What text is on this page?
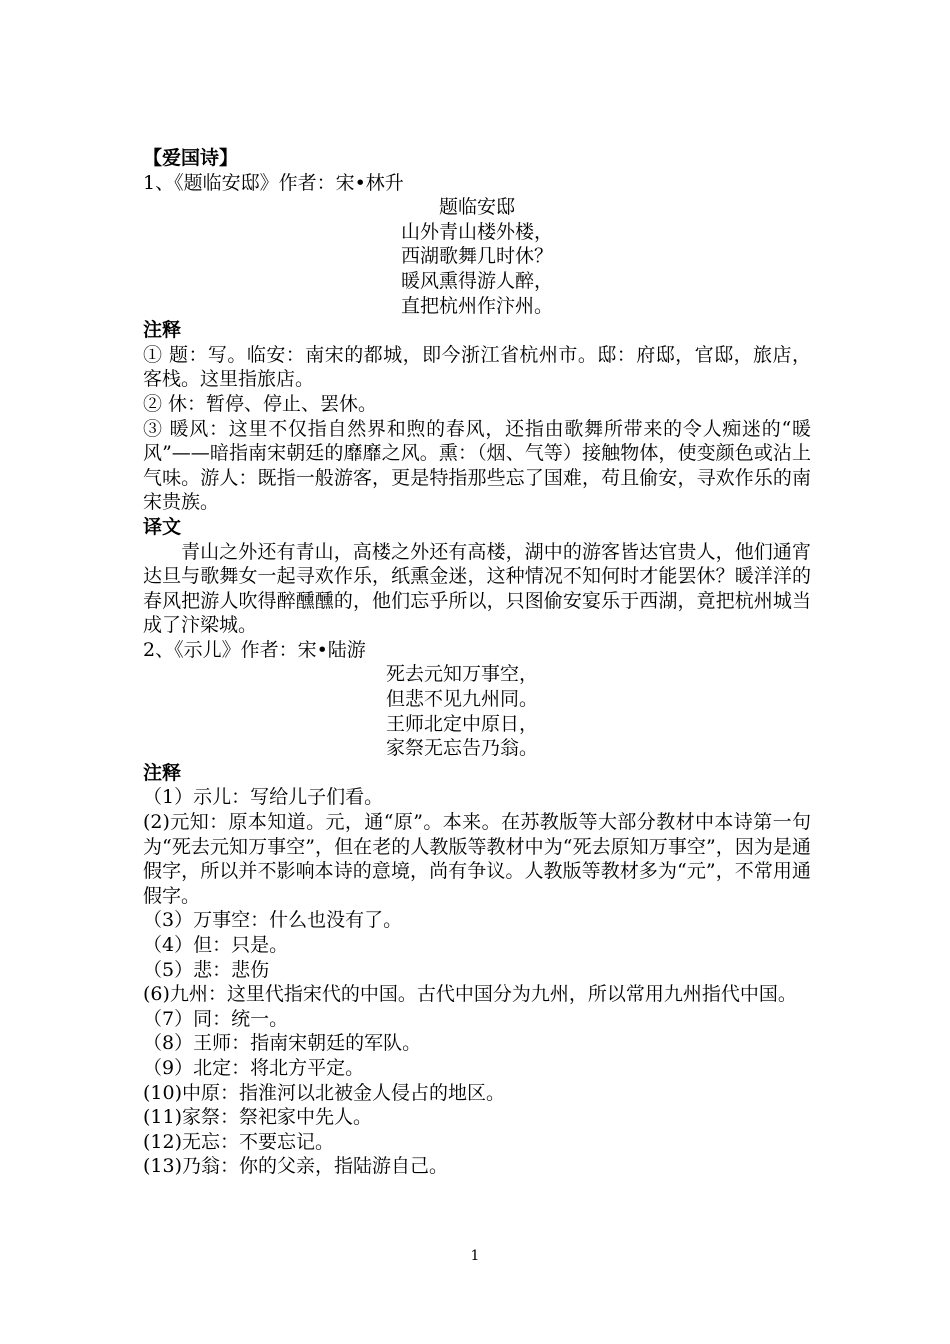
【爱国诗】
1、《题临安邸》作者：宋•林升
题临安邸
山外青山楼外楼，
西湖歌舞几时休？
暖风熏得游人醉，
直把杭州作汴州。
注释
① 题：写。临安：南宋的都城，即今浙江省杭州市。邸：府邸，官邸，旅店，客栈。这里指旅店。
② 休：暂停、停止、罢休。
③ 暖风：这里不仅指自然界和煦的春风，还指由歌舞所带来的令人痴迷的“暖风”——暗指南宋朝廷的靡靡之风。熏：（烟、气等）接触物体，使变颜色或沾上气味。游人：既指一般游客，更是特指那些忘了国难，苟且偷安，寻欢作乐的南宋贵族。
译文
青山之外还有青山，高楼之外还有高楼，湖中的游客皆达官贵人，他们通宵达旦与歌舞女一起寻欢作乐，纸熏金迷，这种情况不知何时才能罢休？暖洋洋的春风把游人吹得醉醺醺的，他们忘乎所以，只图偷安宴乐于西湖，竟把杭州城当成了汴梁城。
2、《示儿》作者：宋•陆游
死去元知万事空，
但悲不见九州同。
王师北定中原日，
家祭无忘告乃翁。
注释
（1）示儿：写给儿子们看。
(2)元知：原本知道。元，通“原”。本来。在苏教版等大部分教材中本诗第一句为“死去元知万事空”，但在老的人教版等教材中为“死去原知万事空”，因为是通假字，所以并不影响本诗的意境，尚有争议。人教版等教材多为“元”，不常用通假字。
（3）万事空：什么也没有了。
（4）但：只是。
（5）悲：悲伤
(6)九州：这里代指宋代的中国。古代中国分为九州，所以常用九州指代中国。
（7）同：统一。
（8）王师：指南宋朝廷的军队。
（9）北定：将北方平定。
(10)中原：指淮河以北被金人侵占的地区。
(11)家祭：祭祀家中先人。
(12)无忘：不要忘记。
(13)乃翁：你的父亲，指陆游自己。
1
